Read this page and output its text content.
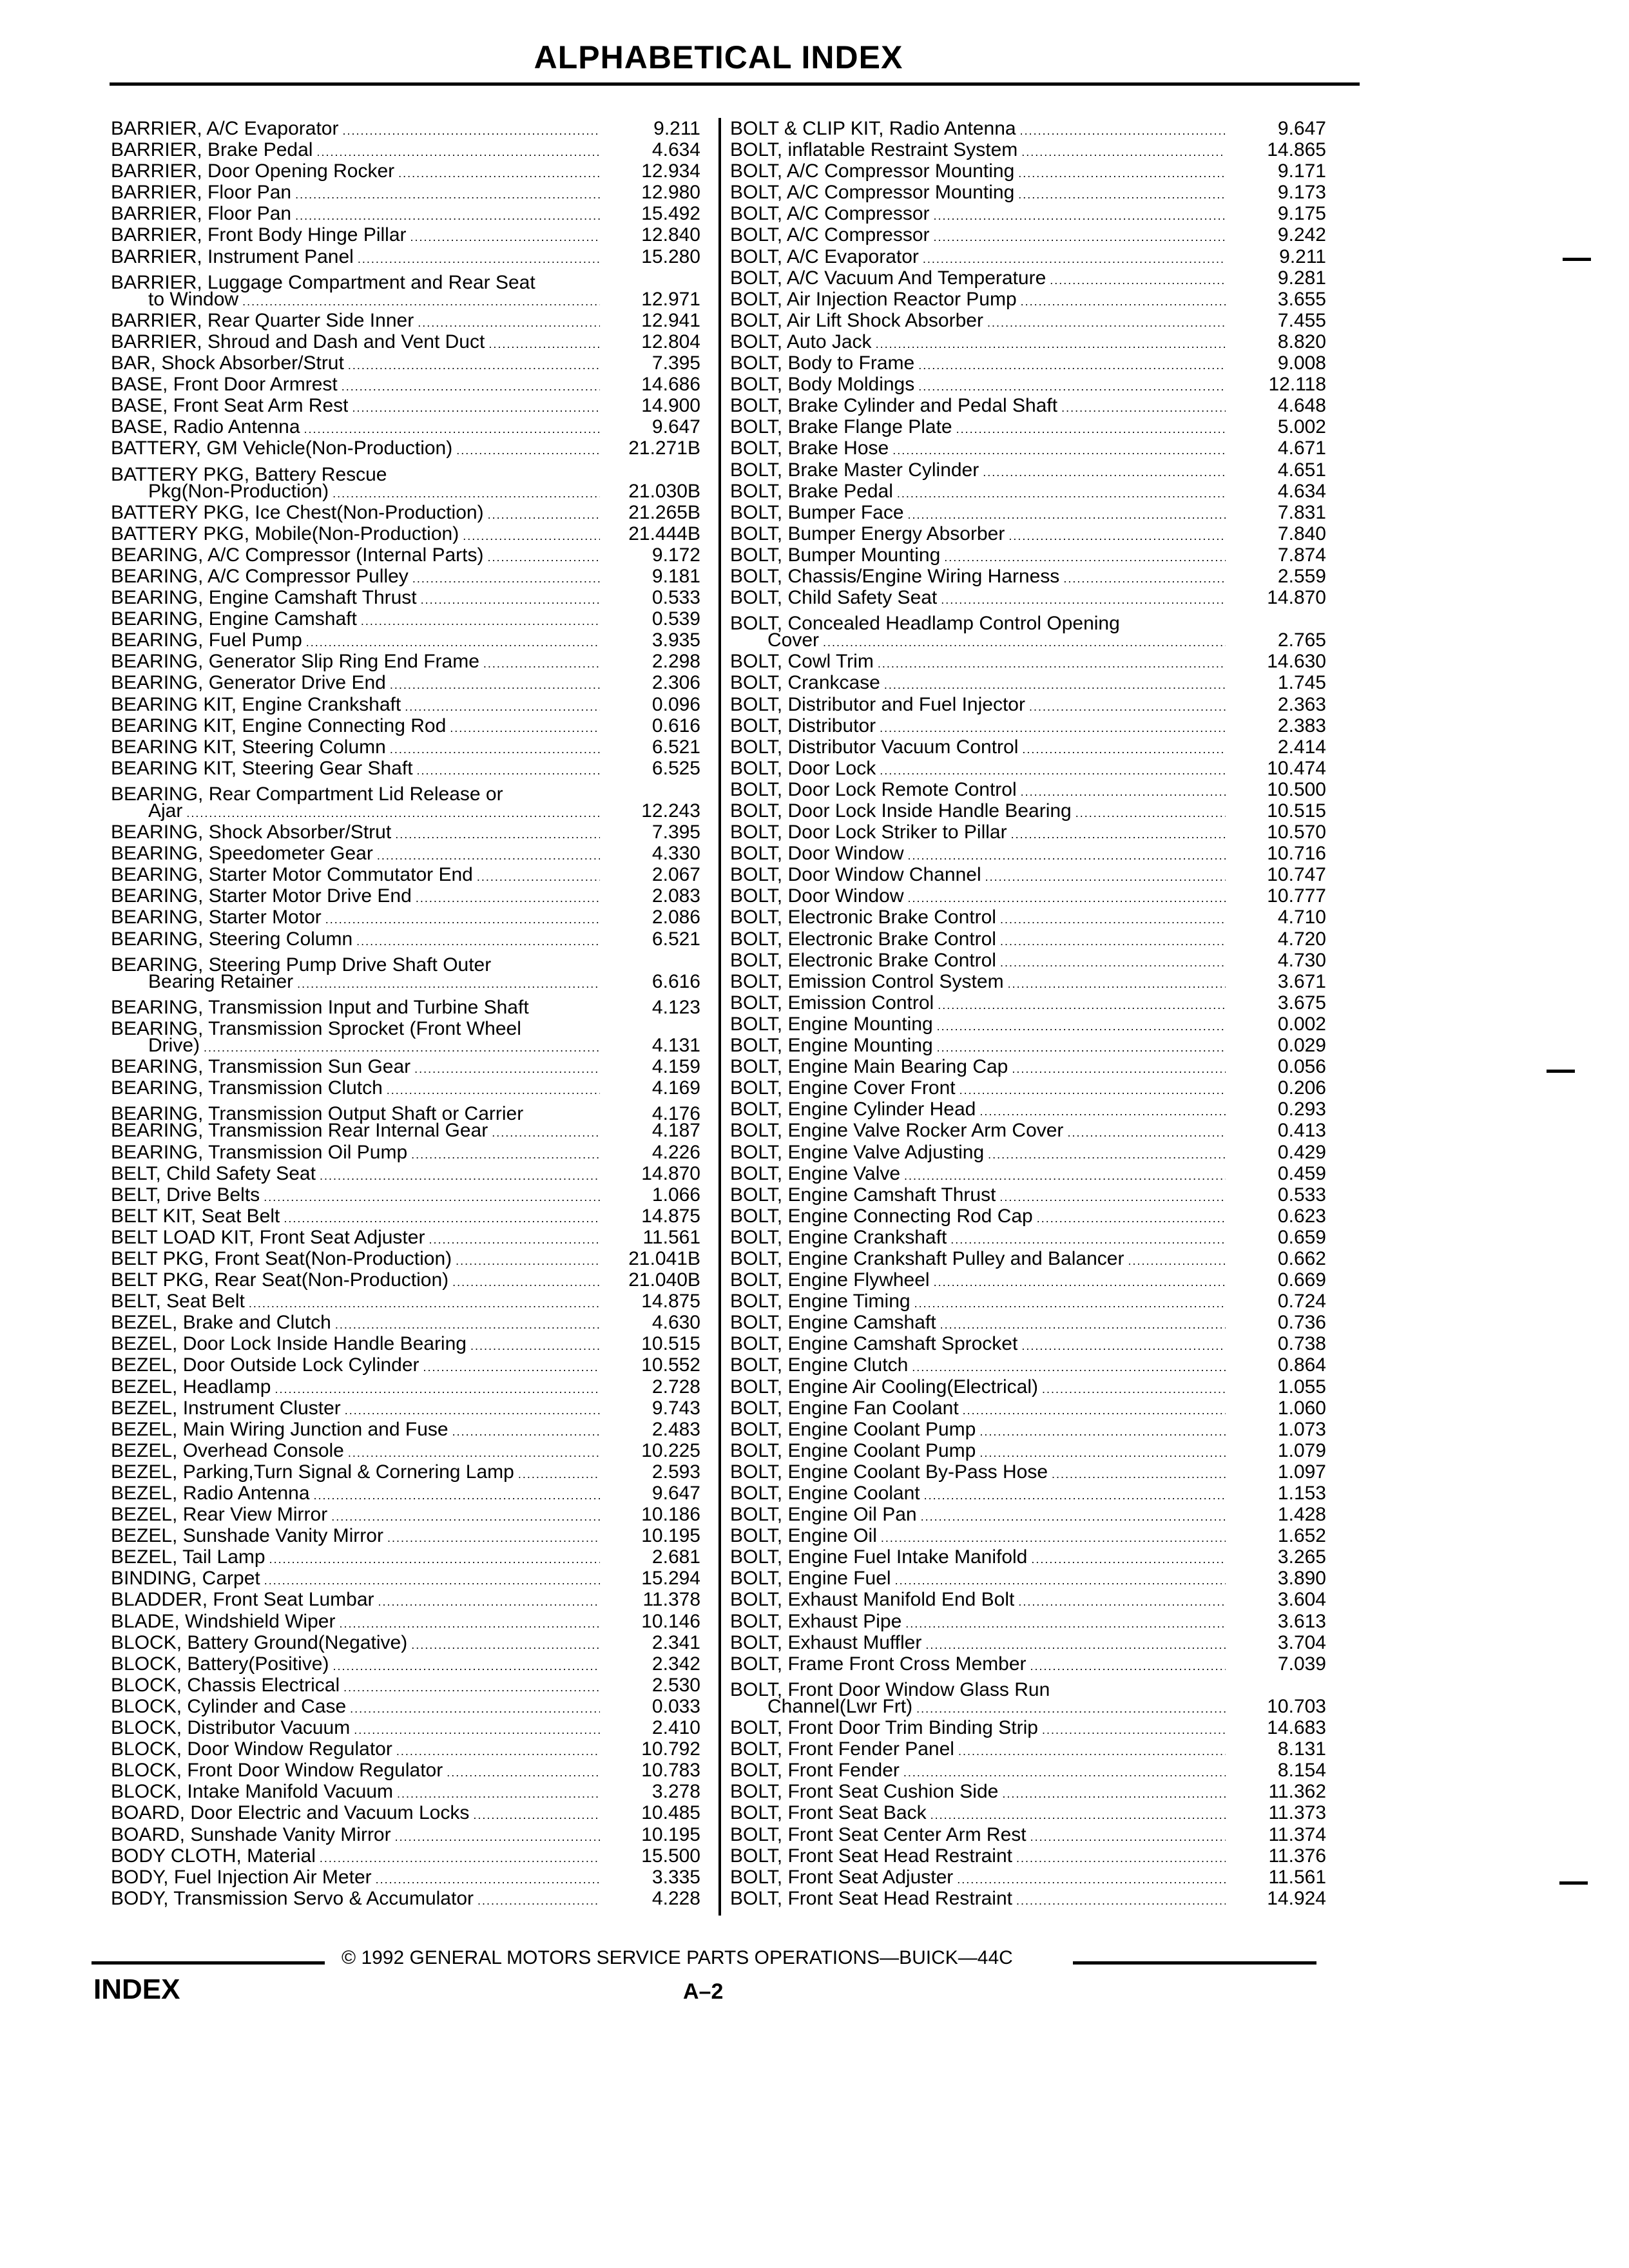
ALPHABETICAL INDEX
BARRIER, A/C Evaporator .....	9.211
BARRIER, Brake Pedal .....	4.634
BARRIER, Door Opening Rocker .....	12.934
BARRIER, Floor Pan .....	12.980
BARRIER, Floor Pan .....	15.492
BARRIER, Front Body Hinge Pillar .....	12.840
BARRIER, Instrument Panel .....	15.280
BARRIER, Luggage Compartment and Rear Seat
to Window .....	12.971
BARRIER, Rear Quarter Side Inner .....	12.941
BARRIER, Shroud and Dash and Vent Duct .....	12.804
BAR, Shock Absorber/Strut .....	7.395
BASE, Front Door Armrest .....	14.686
BASE, Front Seat Arm Rest .....	14.900
BASE, Radio Antenna .....	9.647
BATTERY, GM Vehicle(Non-Production) .....	21.271B
BATTERY PKG, Battery Rescue
Pkg(Non-Production) .....	21.030B
BATTERY PKG, Ice Chest(Non-Production) .....	21.265B
BATTERY PKG, Mobile(Non-Production) .....	21.444B
BEARING, A/C Compressor (Internal Parts) .....	9.172
BEARING, A/C Compressor Pulley .....	9.181
BEARING, Engine Camshaft Thrust .....	0.533
BEARING, Engine Camshaft .....	0.539
BEARING, Fuel Pump .....	3.935
BEARING, Generator Slip Ring End Frame .....	2.298
BEARING, Generator Drive End .....	2.306
BEARING KIT, Engine Crankshaft .....	0.096
BEARING KIT, Engine Connecting Rod .....	0.616
BEARING KIT, Steering Column .....	6.521
BEARING KIT, Steering Gear Shaft .....	6.525
BEARING, Rear Compartment Lid Release or
Ajar .....	12.243
BEARING, Shock Absorber/Strut .....	7.395
BEARING, Speedometer Gear .....	4.330
BEARING, Starter Motor Commutator End .....	2.067
BEARING, Starter Motor Drive End .....	2.083
BEARING, Starter Motor .....	2.086
BEARING, Steering Column .....	6.521
BEARING, Steering Pump Drive Shaft Outer
Bearing Retainer .....	6.616
BEARING, Transmission Input and Turbine Shaft	4.123
BEARING, Transmission Sprocket (Front Wheel
Drive) .....	4.131
BEARING, Transmission Sun Gear .....	4.159
BEARING, Transmission Clutch .....	4.169
BEARING, Transmission Output Shaft or Carrier	4.176
BEARING, Transmission Rear Internal Gear .....	4.187
BEARING, Transmission Oil Pump .....	4.226
BELT, Child Safety Seat .....	14.870
BELT, Drive Belts .....	1.066
BELT KIT, Seat Belt .....	14.875
BELT LOAD KIT, Front Seat Adjuster .....	11.561
BELT PKG, Front Seat(Non-Production) .....	21.041B
BELT PKG, Rear Seat(Non-Production) .....	21.040B
BELT, Seat Belt .....	14.875
BEZEL, Brake and Clutch .....	4.630
BEZEL, Door Lock Inside Handle Bearing .....	10.515
BEZEL, Door Outside Lock Cylinder .....	10.552
BEZEL, Headlamp .....	2.728
BEZEL, Instrument Cluster .....	9.743
BEZEL, Main Wiring Junction and Fuse .....	2.483
BEZEL, Overhead Console .....	10.225
BEZEL, Parking,Turn Signal & Cornering Lamp .....	2.593
BEZEL, Radio Antenna .....	9.647
BEZEL, Rear View Mirror .....	10.186
BEZEL, Sunshade Vanity Mirror .....	10.195
BEZEL, Tail Lamp .....	2.681
BINDING, Carpet .....	15.294
BLADDER, Front Seat Lumbar .....	11.378
BLADE, Windshield Wiper .....	10.146
BLOCK, Battery Ground(Negative) .....	2.341
BLOCK, Battery(Positive) .....	2.342
BLOCK, Chassis Electrical .....	2.530
BLOCK, Cylinder and Case .....	0.033
BLOCK, Distributor Vacuum .....	2.410
BLOCK, Door Window Regulator .....	10.792
BLOCK, Front Door Window Regulator .....	10.783
BLOCK, Intake Manifold Vacuum .....	3.278
BOARD, Door Electric and Vacuum Locks .....	10.485
BOARD, Sunshade Vanity Mirror .....	10.195
BODY CLOTH, Material .....	15.500
BODY, Fuel Injection Air Meter .....	3.335
BODY, Transmission Servo & Accumulator .....	4.228
BOLT & CLIP KIT, Radio Antenna .....	9.647
BOLT, inflatable Restraint System .....	14.865
BOLT, A/C Compressor Mounting .....	9.171
BOLT, A/C Compressor Mounting .....	9.173
BOLT, A/C Compressor .....	9.175
BOLT, A/C Compressor .....	9.242
BOLT, A/C Evaporator .....	9.211
BOLT, A/C Vacuum And Temperature .....	9.281
BOLT, Air Injection Reactor Pump .....	3.655
BOLT, Air Lift Shock Absorber .....	7.455
BOLT, Auto Jack .....	8.820
BOLT, Body to Frame .....	9.008
BOLT, Body Moldings .....	12.118
BOLT, Brake Cylinder and Pedal Shaft .....	4.648
BOLT, Brake Flange Plate .....	5.002
BOLT, Brake Hose .....	4.671
BOLT, Brake Master Cylinder .....	4.651
BOLT, Brake Pedal .....	4.634
BOLT, Bumper Face .....	7.831
BOLT, Bumper Energy Absorber .....	7.840
BOLT, Bumper Mounting .....	7.874
BOLT, Chassis/Engine Wiring Harness .....	2.559
BOLT, Child Safety Seat .....	14.870
BOLT, Concealed Headlamp Control Opening
Cover .....	2.765
BOLT, Cowl Trim .....	14.630
BOLT, Crankcase .....	1.745
BOLT, Distributor and Fuel Injector .....	2.363
BOLT, Distributor .....	2.383
BOLT, Distributor Vacuum Control .....	2.414
BOLT, Door Lock .....	10.474
BOLT, Door Lock Remote Control .....	10.500
BOLT, Door Lock Inside Handle Bearing .....	10.515
BOLT, Door Lock Striker to Pillar .....	10.570
BOLT, Door Window .....	10.716
BOLT, Door Window Channel .....	10.747
BOLT, Door Window .....	10.777
BOLT, Electronic Brake Control .....	4.710
BOLT, Electronic Brake Control .....	4.720
BOLT, Electronic Brake Control .....	4.730
BOLT, Emission Control System .....	3.671
BOLT, Emission Control .....	3.675
BOLT, Engine Mounting .....	0.002
BOLT, Engine Mounting .....	0.029
BOLT, Engine Main Bearing Cap .....	0.056
BOLT, Engine Cover Front .....	0.206
BOLT, Engine Cylinder Head .....	0.293
BOLT, Engine Valve Rocker Arm Cover .....	0.413
BOLT, Engine Valve Adjusting .....	0.429
BOLT, Engine Valve .....	0.459
BOLT, Engine Camshaft Thrust .....	0.533
BOLT, Engine Connecting Rod Cap .....	0.623
BOLT, Engine Crankshaft .....	0.659
BOLT, Engine Crankshaft Pulley and Balancer .....	0.662
BOLT, Engine Flywheel .....	0.669
BOLT, Engine Timing .....	0.724
BOLT, Engine Camshaft .....	0.736
BOLT, Engine Camshaft Sprocket .....	0.738
BOLT, Engine Clutch .....	0.864
BOLT, Engine Air Cooling(Electrical) .....	1.055
BOLT, Engine Fan Coolant .....	1.060
BOLT, Engine Coolant Pump .....	1.073
BOLT, Engine Coolant Pump .....	1.079
BOLT, Engine Coolant By-Pass Hose .....	1.097
BOLT, Engine Coolant .....	1.153
BOLT, Engine Oil Pan .....	1.428
BOLT, Engine Oil .....	1.652
BOLT, Engine Fuel Intake Manifold .....	3.265
BOLT, Engine Fuel .....	3.890
BOLT, Exhaust Manifold End Bolt .....	3.604
BOLT, Exhaust Pipe .....	3.613
BOLT, Exhaust Muffler .....	3.704
BOLT, Frame Front Cross Member .....	7.039
BOLT, Front Door Window Glass Run
Channel(Lwr Frt) .....	10.703
BOLT, Front Door Trim Binding Strip .....	14.683
BOLT, Front Fender Panel .....	8.131
BOLT, Front Fender .....	8.154
BOLT, Front Seat Cushion Side .....	11.362
BOLT, Front Seat Back .....	11.373
BOLT, Front Seat Center Arm Rest .....	11.374
BOLT, Front Seat Head Restraint .....	11.376
BOLT, Front Seat Adjuster .....	11.561
BOLT, Front Seat Head Restraint .....	14.924
© 1992 GENERAL MOTORS SERVICE PARTS OPERATIONS—BUICK—44C
INDEX	A–2
